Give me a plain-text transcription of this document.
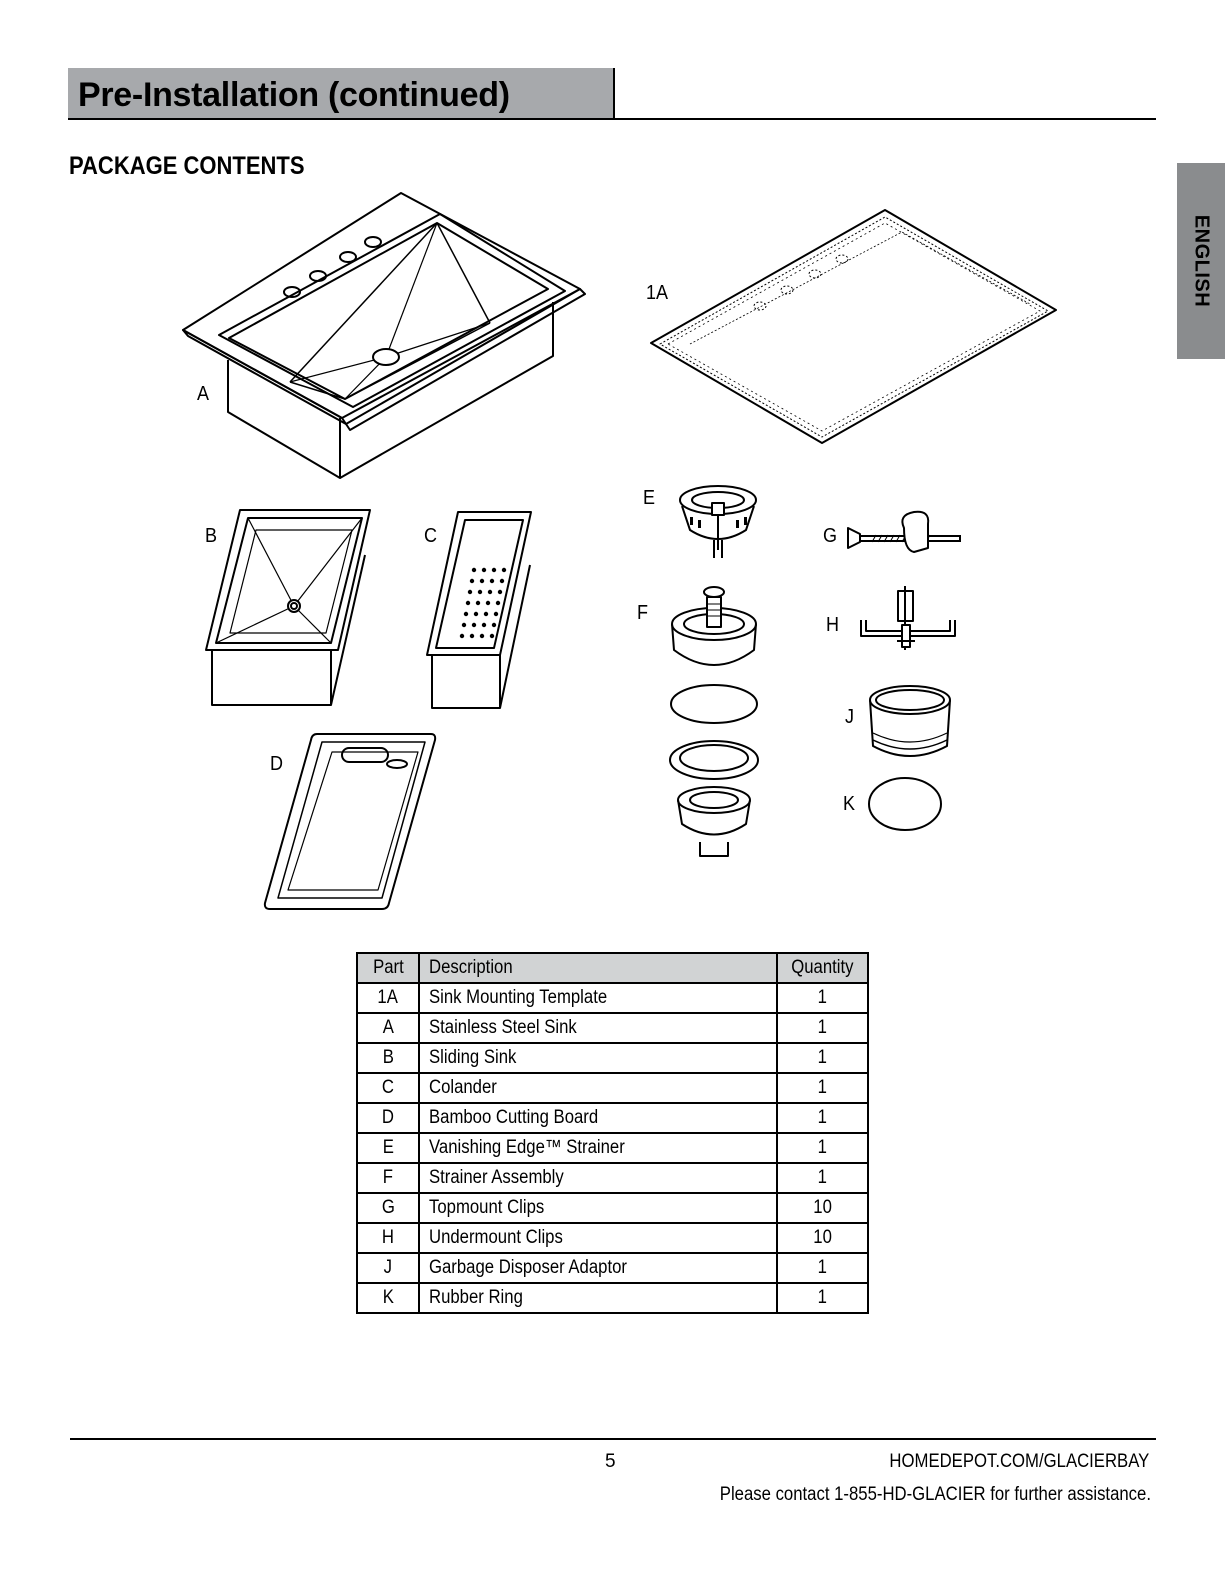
Pre-Installation (continued)
ENGLISH
PACKAGE CONTENTS
A
1A
B	C
D
E
F
G
H
J
K
Part	Description	Quantity
1A	Sink Mounting Template	1
A	Stainless Steel Sink	1
B	Sliding Sink	1
C	Colander	1
D	Bamboo Cutting Board	1
E	Vanishing Edge™ Strainer	1
F	Strainer Assembly	1
G	Topmount Clips	10
H	Undermount Clips	10
J	Garbage Disposer Adaptor	1
K	Rubber Ring	1
5	HOMEDEPOT.COM/GLACIERBAY
Please contact 1-855-HD-GLACIER for further assistance.
